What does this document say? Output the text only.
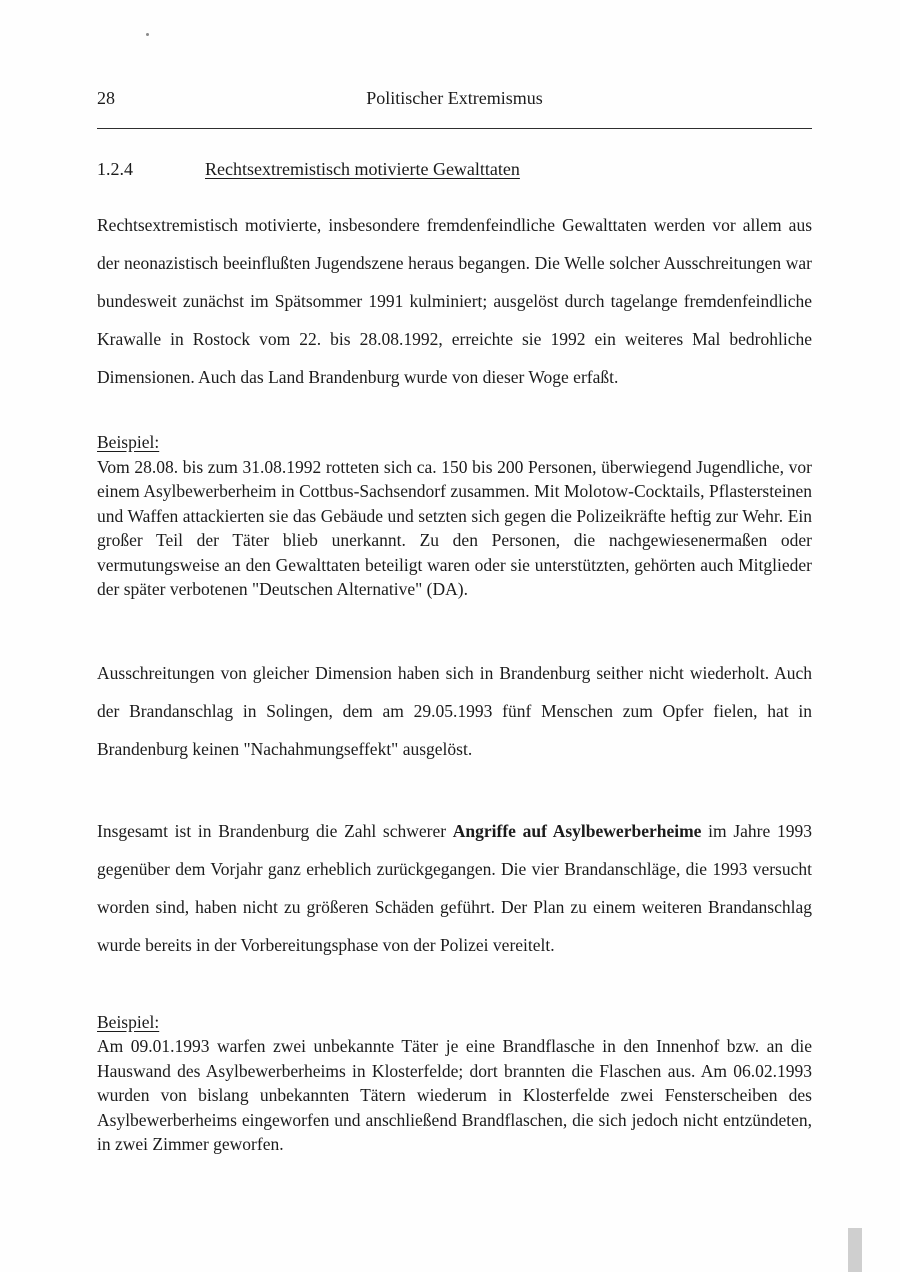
28	Politischer Extremismus
1.2.4	Rechtsextremistisch motivierte Gewalttaten

Rechtsextremistisch motivierte, insbesondere fremdenfeindliche Gewalttaten werden vor allem aus der neonazistisch beeinflußten Jugendszene heraus begangen. Die Welle solcher Ausschreitungen war bundesweit zunächst im Spätsommer 1991 kulminiert; ausgelöst durch tagelange fremdenfeindliche Krawalle in Rostock vom 22. bis 28.08.1992, erreichte sie 1992 ein weiteres Mal bedrohliche Dimensionen. Auch das Land Brandenburg wurde von dieser Woge erfaßt.

Beispiel:

Vom 28.08. bis zum 31.08.1992 rotteten sich ca. 150 bis 200 Personen, überwiegend Jugendliche, vor einem Asylbewerberheim in Cottbus-Sachsendorf zusammen. Mit Molotow-Cocktails, Pflastersteinen und Waffen attackierten sie das Gebäude und setzten sich gegen die Polizeikräfte heftig zur Wehr. Ein großer Teil der Täter blieb unerkannt. Zu den Personen, die nachgewiesenermaßen oder vermutungsweise an den Gewalttaten beteiligt waren oder sie unterstützten, gehörten auch Mitglieder der später verbotenen "Deutschen Alternative" (DA).

Ausschreitungen von gleicher Dimension haben sich in Brandenburg seither nicht wiederholt. Auch der Brandanschlag in Solingen, dem am 29.05.1993 fünf Menschen zum Opfer fielen, hat in Brandenburg keinen "Nachahmungseffekt" ausgelöst.

Insgesamt ist in Brandenburg die Zahl schwerer Angriffe auf Asylbewerberheime im Jahre 1993 gegenüber dem Vorjahr ganz erheblich zurückgegangen. Die vier Brandanschläge, die 1993 versucht worden sind, haben nicht zu größeren Schäden geführt. Der Plan zu einem weiteren Brandanschlag wurde bereits in der Vorbereitungsphase von der Polizei vereitelt.

Beispiel:

Am 09.01.1993 warfen zwei unbekannte Täter je eine Brandflasche in den Innenhof bzw. an die Hauswand des Asylbewerberheims in Klosterfelde; dort brannten die Flaschen aus. Am 06.02.1993 wurden von bislang unbekannten Tätern wiederum in Klosterfelde zwei Fensterscheiben des Asylbewerberheims eingeworfen und anschließend Brandflaschen, die sich jedoch nicht entzündeten, in zwei Zimmer geworfen.
